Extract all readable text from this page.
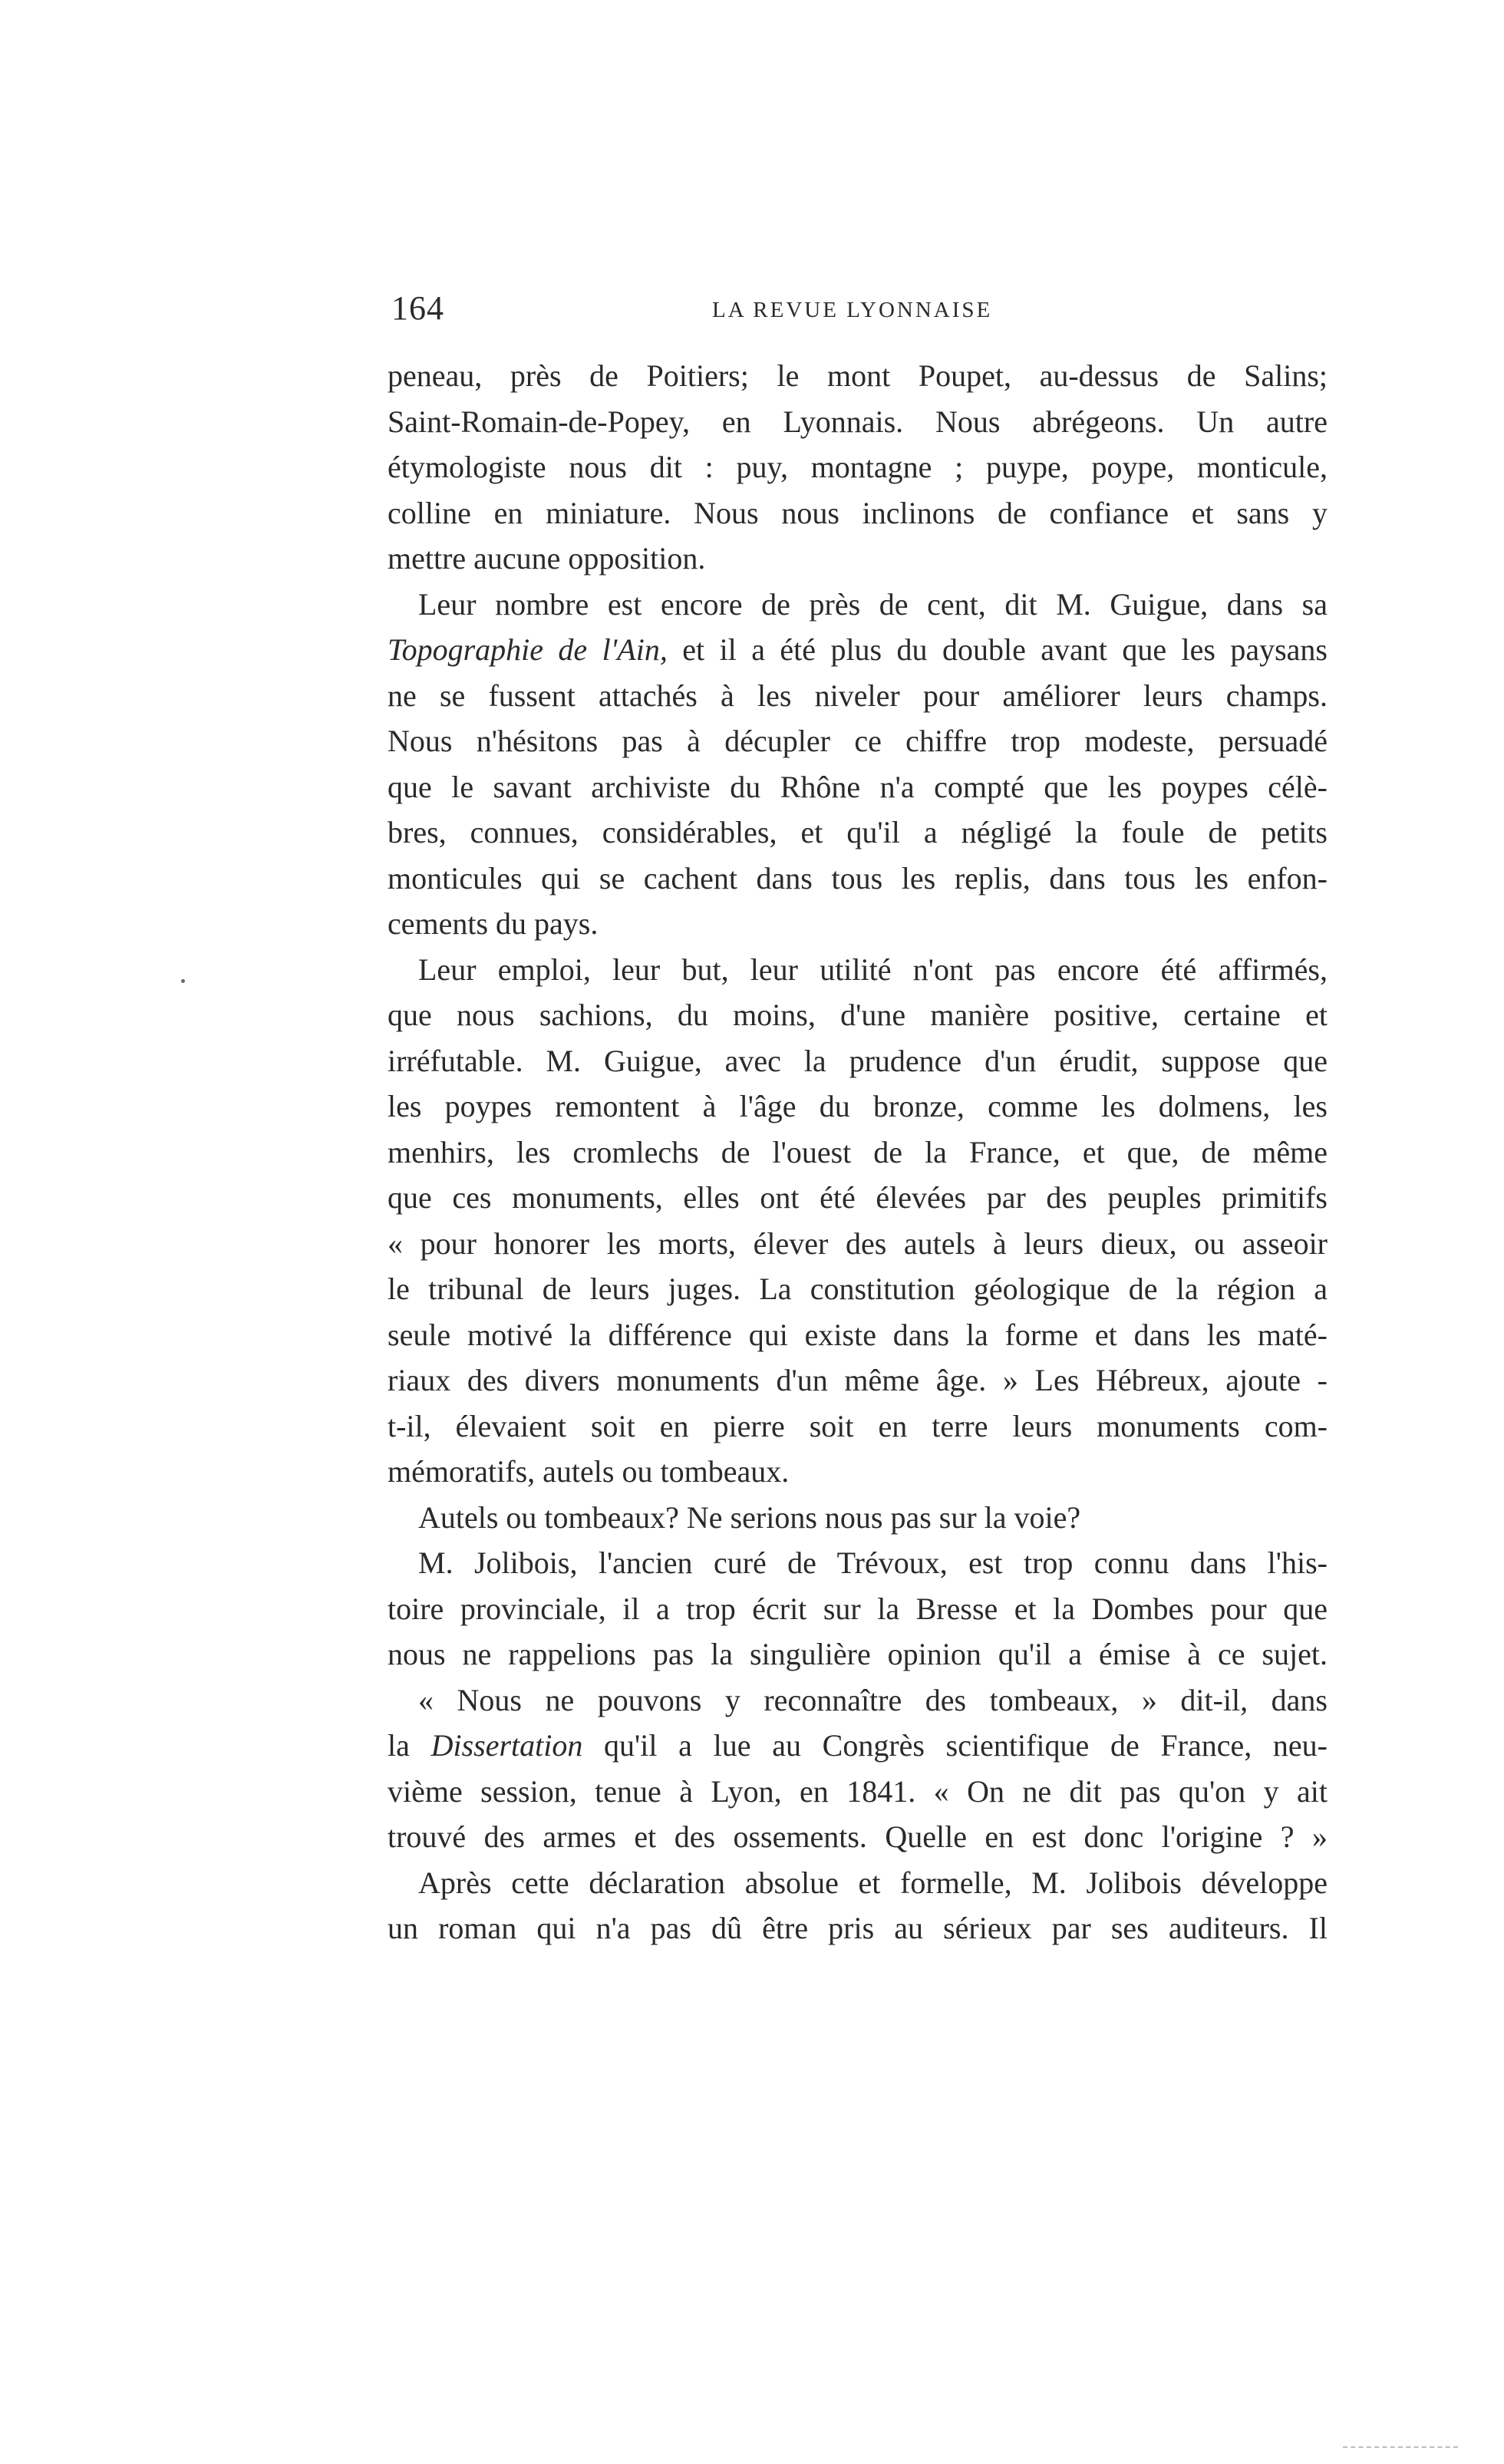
164	LA REVUE LYONNAISE
peneau, près de Poitiers; le mont Poupet, au-dessus de Salins;
Saint-Romain-de-Popey, en Lyonnais. Nous abrégeons. Un autre
étymologiste nous dit : puy, montagne ; puype, poype, monticule,
colline en miniature. Nous nous inclinons de confiance et sans y
mettre aucune opposition.
Leur nombre est encore de près de cent, dit M. Guigue, dans sa
Topographie de l'Ain, et il a été plus du double avant que les paysans
ne se fussent attachés à les niveler pour améliorer leurs champs.
Nous n'hésitons pas à décupler ce chiffre trop modeste, persuadé
que le savant archiviste du Rhône n'a compté que les poypes célè-
bres, connues, considérables, et qu'il a négligé la foule de petits
monticules qui se cachent dans tous les replis, dans tous les enfon-
cements du pays.
Leur emploi, leur but, leur utilité n'ont pas encore été affirmés,
que nous sachions, du moins, d'une manière positive, certaine et
irréfutable. M. Guigue, avec la prudence d'un érudit, suppose que
les poypes remontent à l'âge du bronze, comme les dolmens, les
menhirs, les cromlechs de l'ouest de la France, et que, de même
que ces monuments, elles ont été élevées par des peuples primitifs
« pour honorer les morts, élever des autels à leurs dieux, ou asseoir
le tribunal de leurs juges. La constitution géologique de la région a
seule motivé la différence qui existe dans la forme et dans les maté-
riaux des divers monuments d'un même âge. » Les Hébreux, ajoute -
t-il, élevaient soit en pierre soit en terre leurs monuments com-
mémoratifs, autels ou tombeaux.
Autels ou tombeaux? Ne serions nous pas sur la voie?
M. Jolibois, l'ancien curé de Trévoux, est trop connu dans l'his-
toire provinciale, il a trop écrit sur la Bresse et la Dombes pour que
nous ne rappelions pas la singulière opinion qu'il a émise à ce sujet.
« Nous ne pouvons y reconnaître des tombeaux, » dit-il, dans
la Dissertation qu'il a lue au Congrès scientifique de France, neu-
vième session, tenue à Lyon, en 1841. « On ne dit pas qu'on y ait
trouvé des armes et des ossements. Quelle en est donc l'origine ? »
Après cette déclaration absolue et formelle, M. Jolibois développe
un roman qui n'a pas dû être pris au sérieux par ses auditeurs. Il
